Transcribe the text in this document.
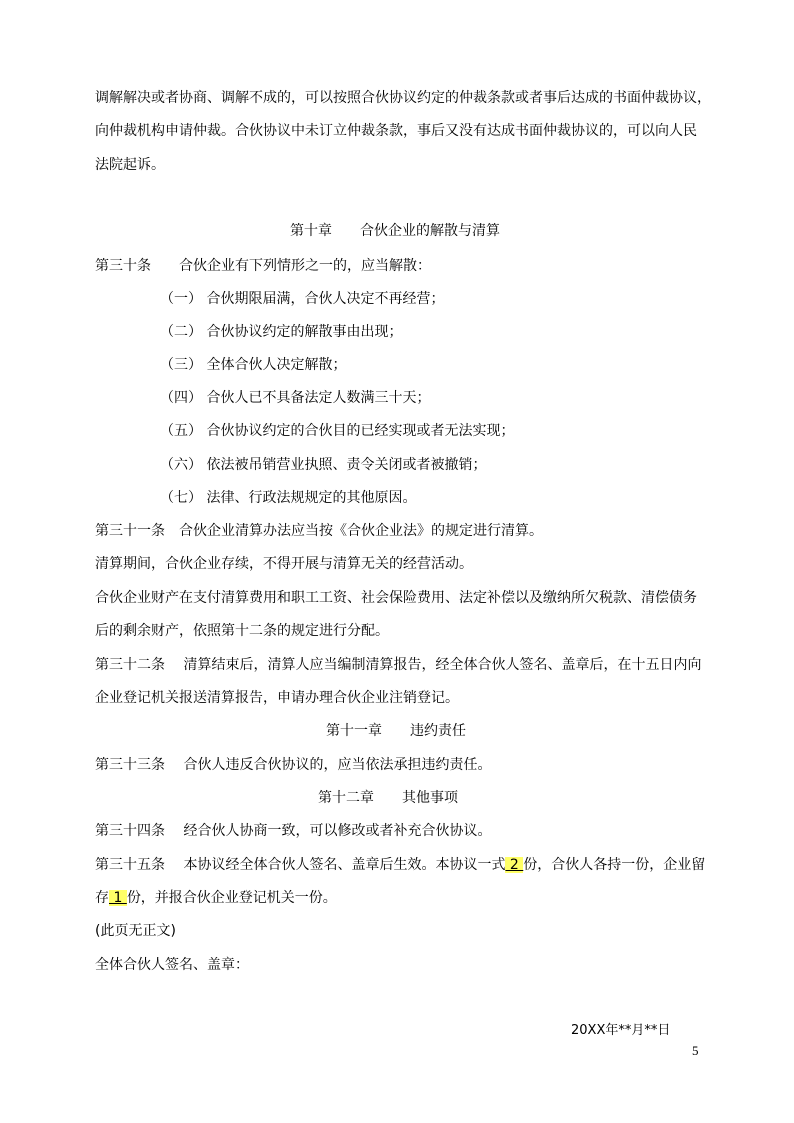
调解解决或者协商、调解不成的，可以按照合伙协议约定的仲裁条款或者事后达成的书面仲裁协议，
向仲裁机构申请仲裁。合伙协议中未订立仲裁条款，事后又没有达成书面仲裁协议的，可以向人民
法院起诉。
第十章　　合伙企业的解散与清算
第三十条　　合伙企业有下列情形之一的，应当解散：
（一） 合伙期限届满，合伙人决定不再经营；
（二） 合伙协议约定的解散事由出现；
（三） 全体合伙人决定解散；
（四） 合伙人已不具备法定人数满三十天；
（五） 合伙协议约定的合伙目的已经实现或者无法实现；
（六） 依法被吊销营业执照、责令关闭或者被撤销；
（七） 法律、行政法规规定的其他原因。
第三十一条　合伙企业清算办法应当按《合伙企业法》的规定进行清算。
清算期间，合伙企业存续，不得开展与清算无关的经营活动。
合伙企业财产在支付清算费用和职工工资、社会保险费用、法定补偿以及缴纳所欠税款、清偿债务
后的剩余财产，依照第十二条的规定进行分配。
第三十二条　 清算结束后，清算人应当编制清算报告，经全体合伙人签名、盖章后，在十五日内向
企业登记机关报送清算报告，申请办理合伙企业注销登记。
第十一章　　违约责任
第三十三条　 合伙人违反合伙协议的，应当依法承担违约责任。
第十二章　　其他事项
第三十四条　 经合伙人协商一致，可以修改或者补充合伙协议。
第三十五条　 本协议经全体合伙人签名、盖章后生效。本协议一式 2 份，合伙人各持一份，企业留
存 1 份，并报合伙企业登记机关一份。
(此页无正文)
全体合伙人签名、盖章：
20XX年**月**日
5
